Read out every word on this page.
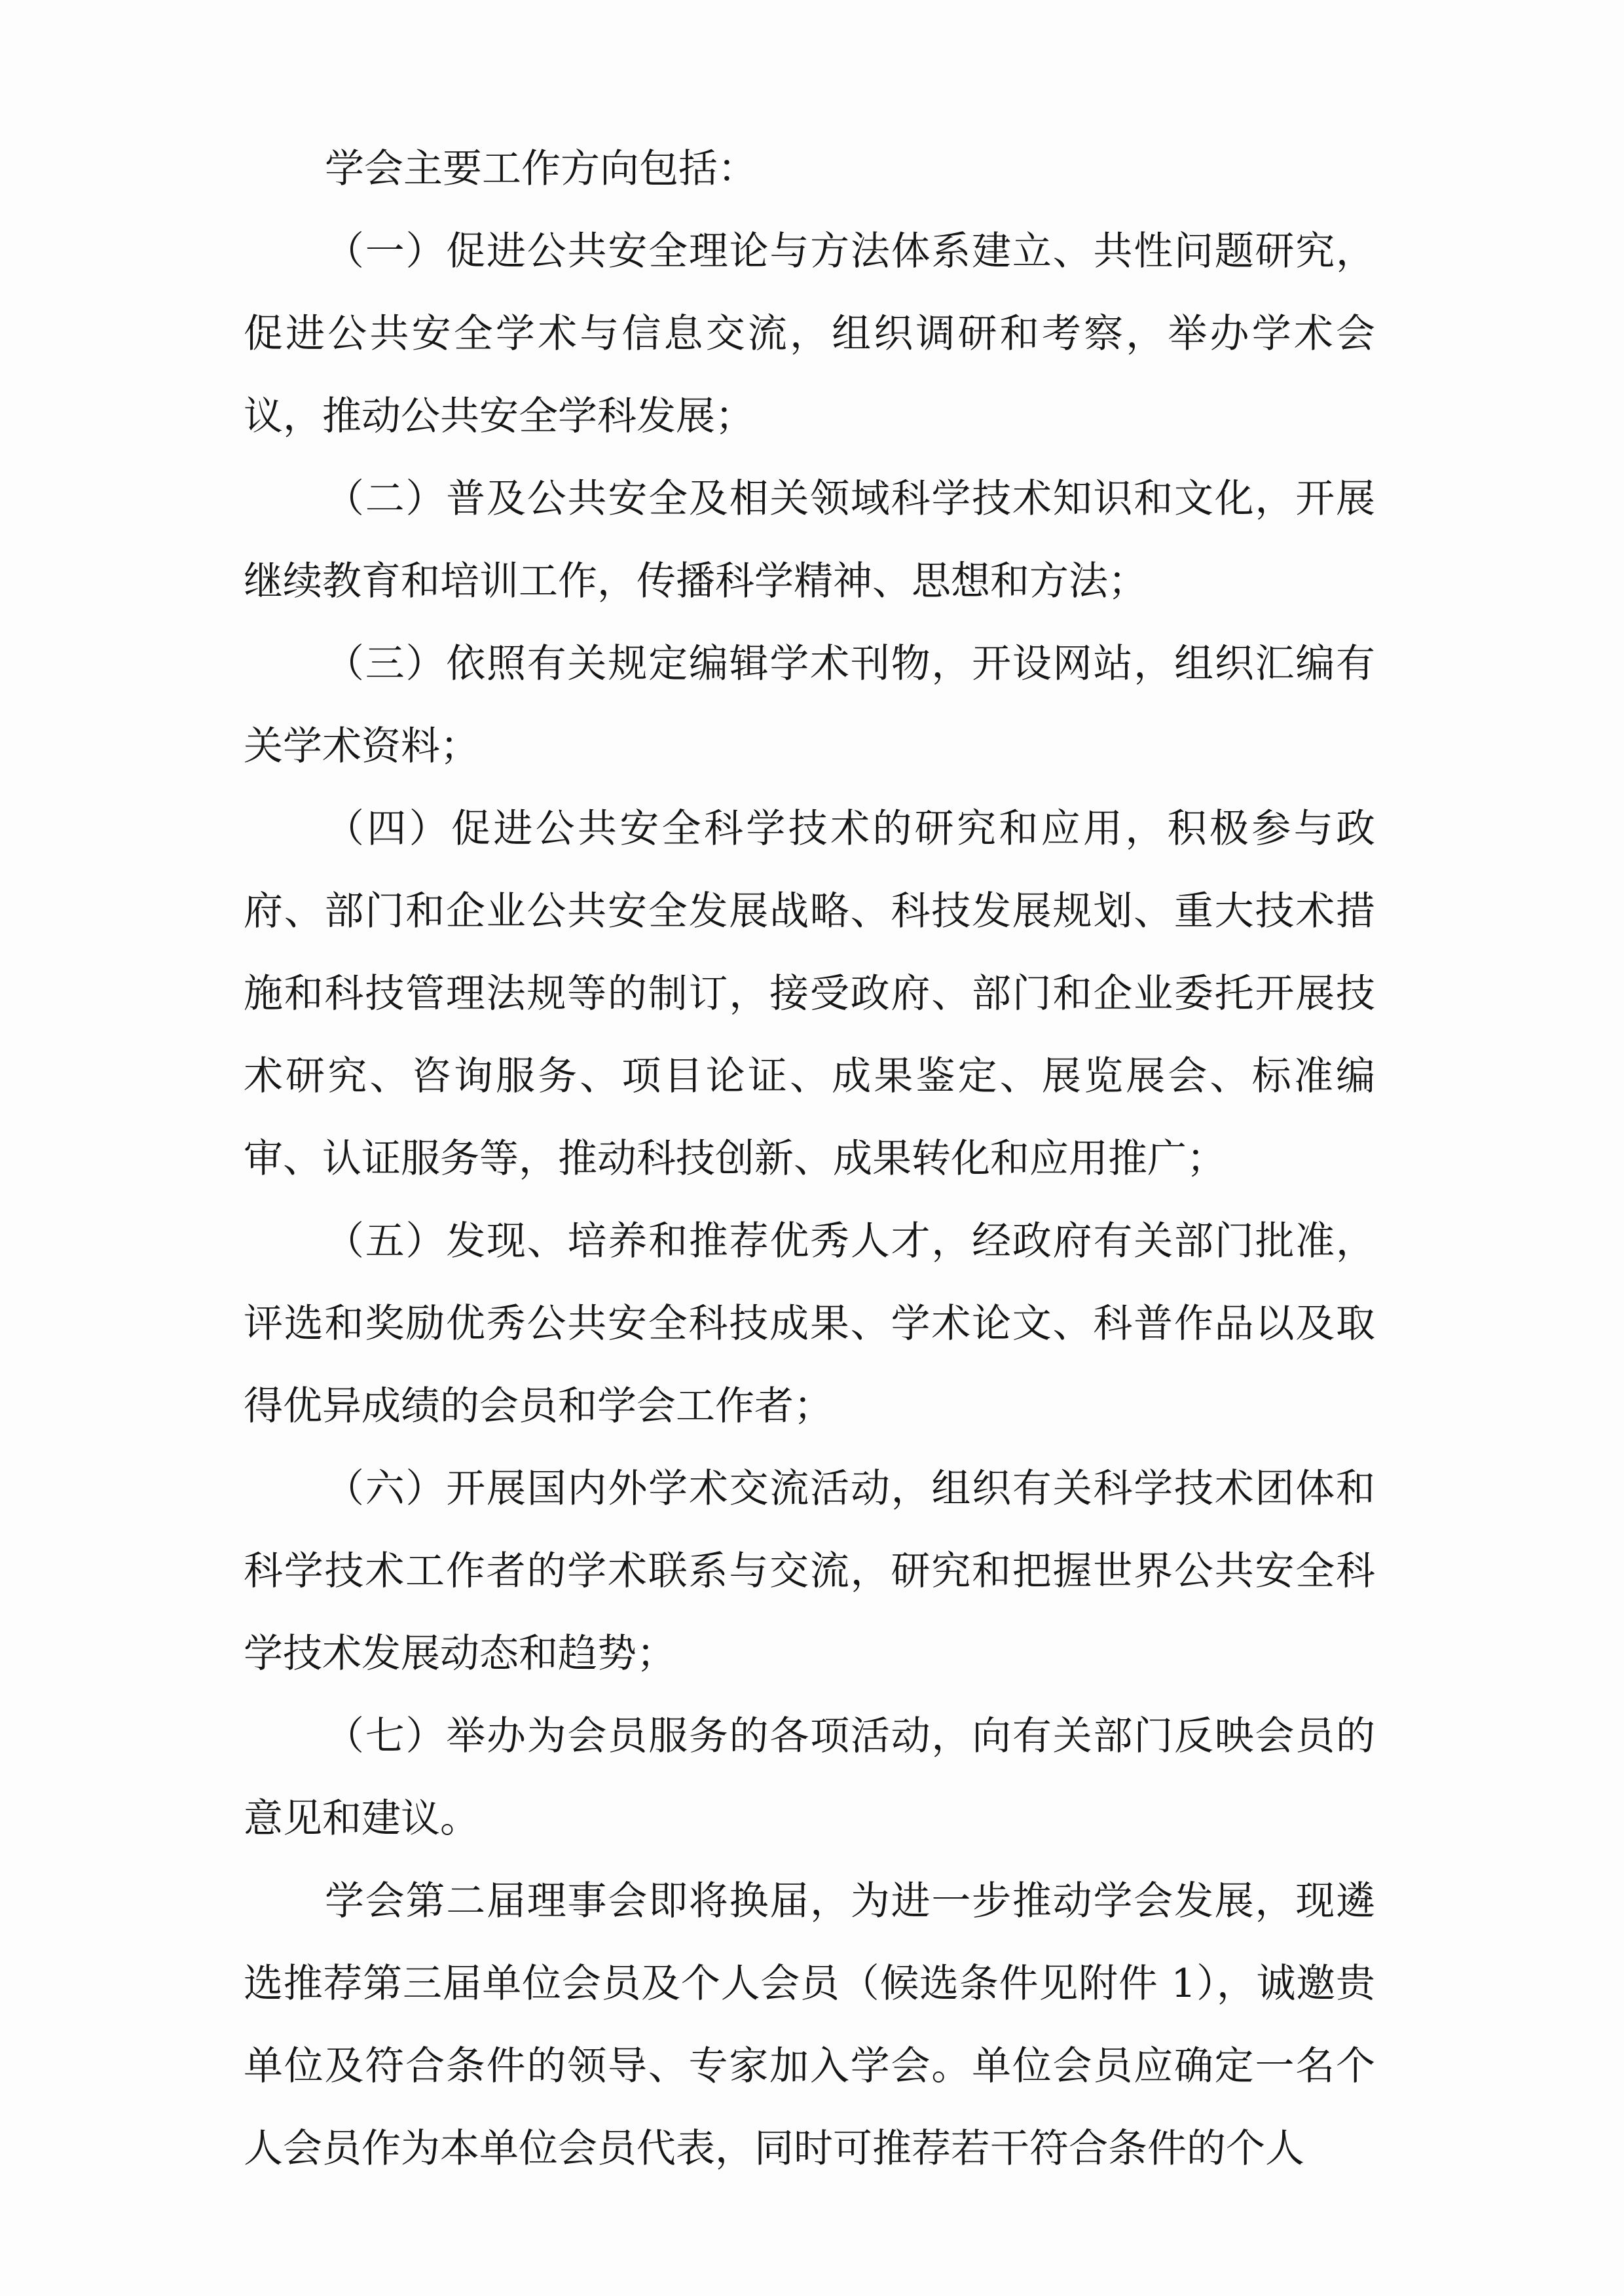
学会主要工作方向包括：

（一）促进公共安全理论与方法体系建立、共性问题研究，促进公共安全学术与信息交流，组织调研和考察，举办学术会议，推动公共安全学科发展；

（二）普及公共安全及相关领域科学技术知识和文化，开展继续教育和培训工作，传播科学精神、思想和方法；

（三）依照有关规定编辑学术刊物，开设网站，组织汇编有关学术资料；

（四）促进公共安全科学技术的研究和应用，积极参与政府、部门和企业公共安全发展战略、科技发展规划、重大技术措施和科技管理法规等的制订，接受政府、部门和企业委托开展技术研究、咨询服务、项目论证、成果鉴定、展览展会、标准编审、认证服务等，推动科技创新、成果转化和应用推广；

（五）发现、培养和推荐优秀人才，经政府有关部门批准，评选和奖励优秀公共安全科技成果、学术论文、科普作品以及取得优异成绩的会员和学会工作者；

（六）开展国内外学术交流活动，组织有关科学技术团体和科学技术工作者的学术联系与交流，研究和把握世界公共安全科学技术发展动态和趋势；

（七）举办为会员服务的各项活动，向有关部门反映会员的意见和建议。

学会第二届理事会即将换届，为进一步推动学会发展，现遴选推荐第三届单位会员及个人会员（候选条件见附件 1），诚邀贵单位及符合条件的领导、专家加入学会。单位会员应确定一名个人会员作为本单位会员代表，同时可推荐若干符合条件的个人
